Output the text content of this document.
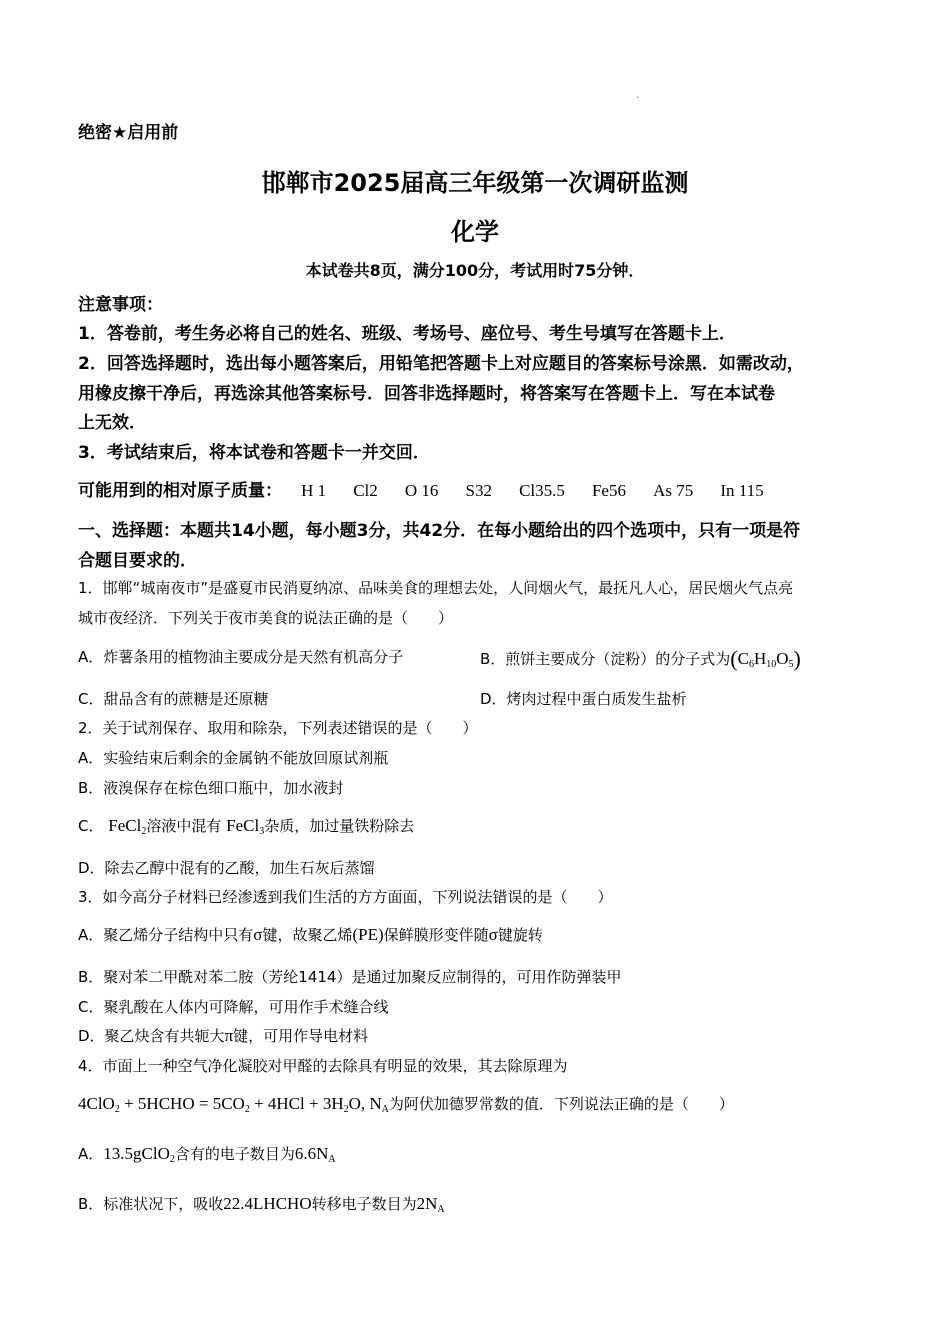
·
绝密★启用前
邯郸市2025届高三年级第一次调研监测
化学
本试卷共8页，满分100分，考试用时75分钟．
注意事项：
1．答卷前，考生务必将自己的姓名、班级、考场号、座位号、考生号填写在答题卡上．
2．回答选择题时，选出每小题答案后，用铅笔把答题卡上对应题目的答案标号涂黑．如需改动，
用橡皮擦干净后，再选涂其他答案标号．回答非选择题时，将答案写在答题卡上．写在本试卷
上无效．
3．考试结束后，将本试卷和答题卡一并交回．
可能用到的相对原子质量： H 1 Cl2 O 16 S32 Cl35.5 Fe56 As 75 In 115
一、选择题：本题共14小题，每小题3分，共42分．在每小题给出的四个选项中，只有一项是符
合题目要求的．
1．邯郸“城南夜市”是盛夏市民消夏纳凉、品味美食的理想去处，人间烟火气，最抚凡人心，居民烟火气点亮
城市夜经济．下列关于夜市美食的说法正确的是（　　）
A．炸薯条用的植物油主要成分是天然有机高分子	B．煎饼主要成分（淀粉）的分子式为$(C_6H_{10}O_5)$
C．甜品含有的蔗糖是还原糖	D．烤肉过程中蛋白质发生盐析
2．关于试剂保存、取用和除杂，下列表述错误的是（　　）
A．实验结束后剩余的金属钠不能放回原试剂瓶
B．液溴保存在棕色细口瓶中，加水液封
C． FeCl$_2$溶液中混有 FeCl$_3$杂质，加过量铁粉除去
D．除去乙醇中混有的乙酸，加生石灰后蒸馏
3．如今高分子材料已经渗透到我们生活的方方面面，下列说法错误的是（　　）
A．聚乙烯分子结构中只有σ键，故聚乙烯(PE)保鲜膜形变伴随σ键旋转
B．聚对苯二甲酰对苯二胺（芳纶1414）是通过加聚反应制得的，可用作防弹装甲
C．聚乳酸在人体内可降解，可用作手术缝合线
D．聚乙炔含有共轭大π键，可用作导电材料
4．市面上一种空气净化凝胶对甲醛的去除具有明显的效果，其去除原理为
4ClO$_2$ + 5HCHO = $5CO_2 + 4HCl + 3H_2O$, $N_A$为阿伏加德罗常数的值．下列说法正确的是（　　）
A．13.5gClO$_2$含有的电子数目为$6.6N_A$
B．标准状况下，吸收22.4LHCHO转移电子数目为$2N_A$
